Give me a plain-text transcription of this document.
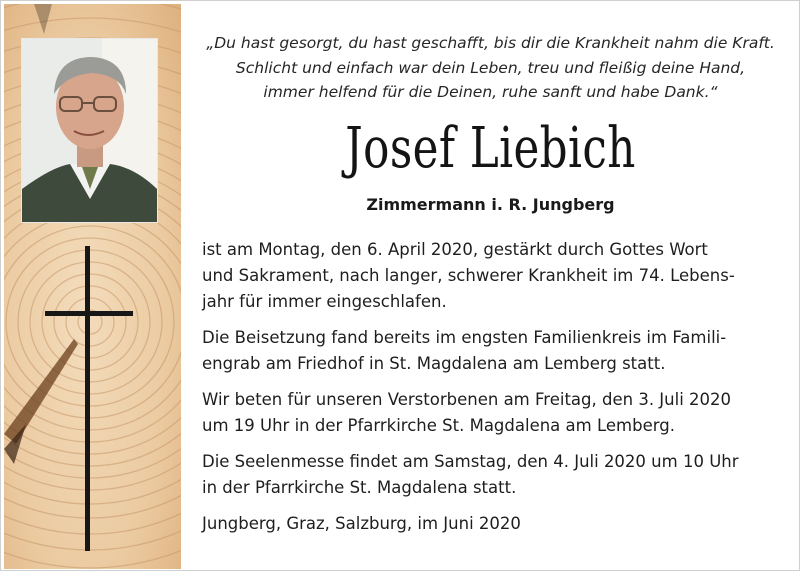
„Du hast gesorgt, du hast geschafft, bis dir die Krankheit nahm die Kraft.
Schlicht und einfach war dein Leben, treu und fleißig deine Hand,
immer helfend für die Deinen, ruhe sanft und habe Dank.“
Josef Liebich
Zimmermann i. R. Jungberg
ist am Montag, den 6. April 2020, gestärkt durch Gottes Wort
und Sakrament, nach langer, schwerer Krankheit im 74. Lebens-
jahr für immer eingeschlafen.
Die Beisetzung fand bereits im engsten Familienkreis im Famili-
engrab am Friedhof in St. Magdalena am Lemberg statt.
Wir beten für unseren Verstorbenen am Freitag, den 3. Juli 2020
um 19 Uhr in der Pfarrkirche St. Magdalena am Lemberg.
Die Seelenmesse findet am Samstag, den 4. Juli 2020 um 10 Uhr
in der Pfarrkirche St. Magdalena statt.
Jungberg, Graz, Salzburg, im Juni 2020
